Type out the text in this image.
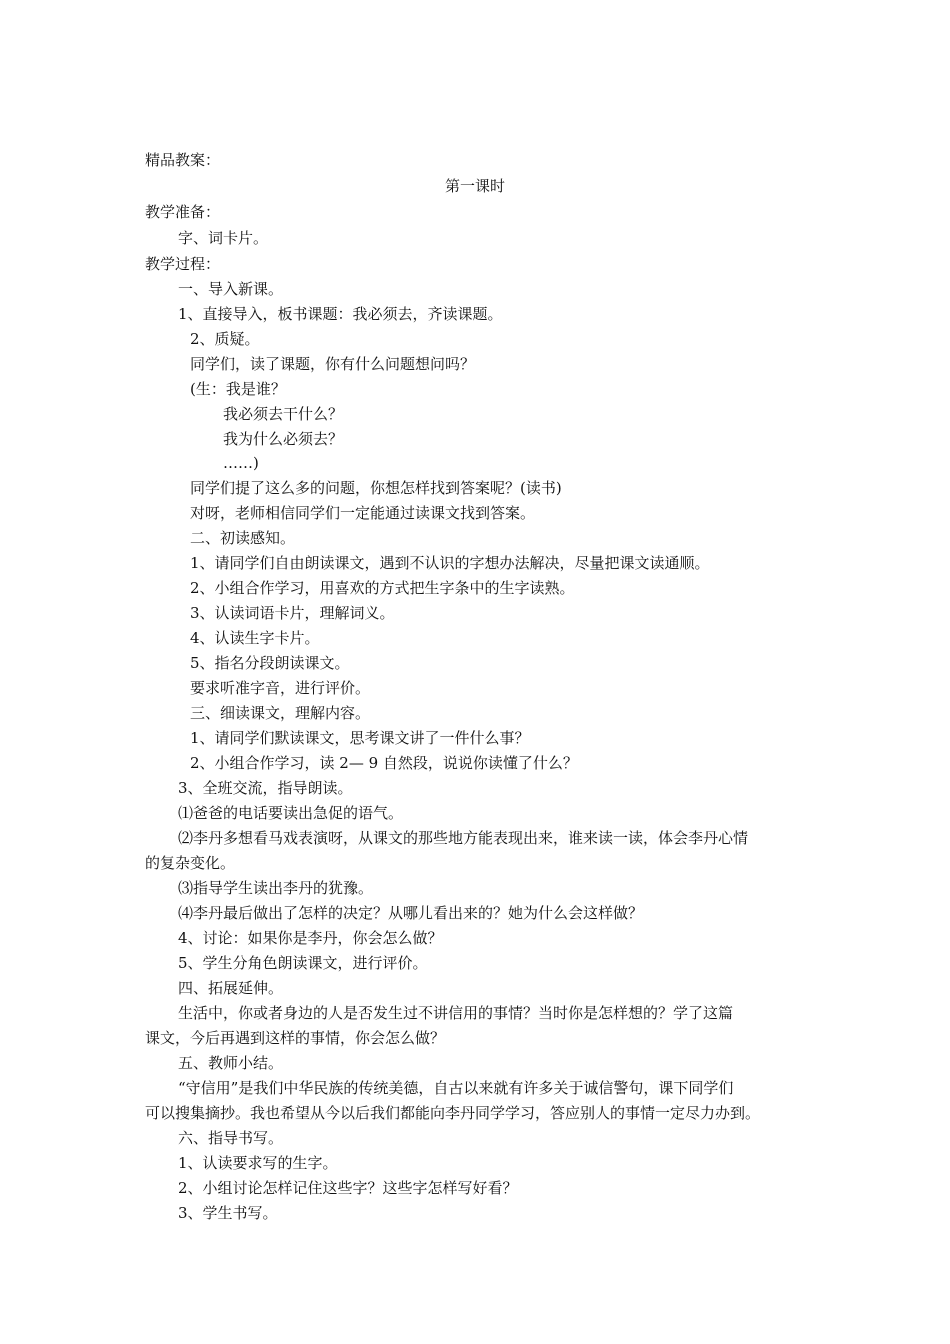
精品教案：
第一课时
教学准备：
字、词卡片。
教学过程：
一、导入新课。
1、直接导入，板书课题：我必须去，齐读课题。
2、质疑。
同学们，读了课题，你有什么问题想问吗？
(生：我是谁？
我必须去干什么？
我为什么必须去？
……)
同学们提了这么多的问题，你想怎样找到答案呢？(读书)
对呀，老师相信同学们一定能通过读课文找到答案。
二、初读感知。
1、请同学们自由朗读课文，遇到不认识的字想办法解决，尽量把课文读通顺。
2、小组合作学习，用喜欢的方式把生字条中的生字读熟。
3、认读词语卡片，理解词义。
4、认读生字卡片。
5、指名分段朗读课文。
要求听准字音，进行评价。
三、细读课文，理解内容。
1、请同学们默读课文，思考课文讲了一件什么事？
2、小组合作学习，读 2— 9 自然段，说说你读懂了什么？
3、全班交流，指导朗读。
⑴爸爸的电话要读出急促的语气。
⑵李丹多想看马戏表演呀，从课文的那些地方能表现出来，谁来读一读，体会李丹心情
的复杂变化。
⑶指导学生读出李丹的犹豫。
⑷李丹最后做出了怎样的决定？从哪儿看出来的？她为什么会这样做？
4、讨论：如果你是李丹，你会怎么做？
5、学生分角色朗读课文，进行评价。
四、拓展延伸。
生活中，你或者身边的人是否发生过不讲信用的事情？当时你是怎样想的？学了这篇
课文，今后再遇到这样的事情，你会怎么做？
五、教师小结。
“守信用”是我们中华民族的传统美德，自古以来就有许多关于诚信警句，课下同学们
可以搜集摘抄。我也希望从今以后我们都能向李丹同学学习，答应别人的事情一定尽力办到。
六、指导书写。
1、认读要求写的生字。
2、小组讨论怎样记住这些字？这些字怎样写好看？
3、学生书写。
